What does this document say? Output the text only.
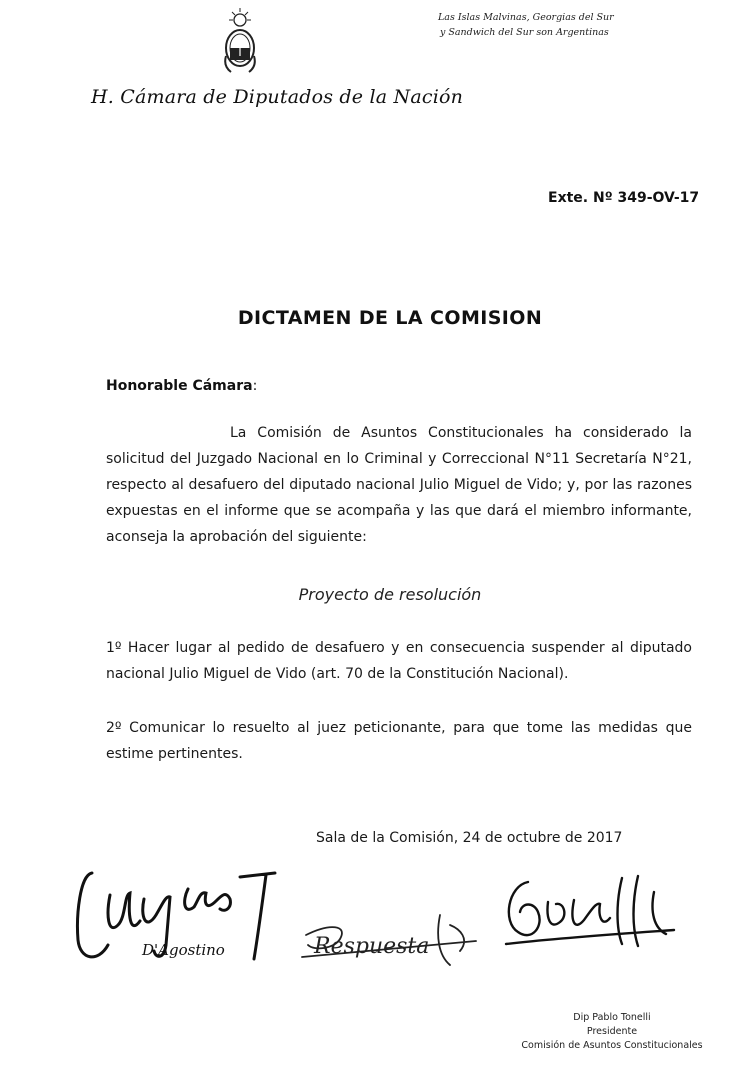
H. Cámara de Diputados de la Nación
Las Islas Malvinas, Georgias del Sur
y Sandwich del Sur son Argentinas
Exte. Nº 349-OV-17
DICTAMEN DE LA COMISION
Honorable Cámara:
La Comisión de Asuntos Constitucionales ha considerado la solicitud del Juzgado Nacional en lo Criminal y Correccional N°11 Secretaría N°21, respecto al desafuero del diputado nacional Julio Miguel de Vido; y, por las razones expuestas en el informe que se acompaña y las que dará el miembro informante, aconseja la aprobación del siguiente:
Proyecto de resolución
1º Hacer lugar al pedido de desafuero y en consecuencia suspender al diputado nacional Julio Miguel de Vido (art. 70 de la Constitución Nacional).
2º Comunicar lo resuelto al juez peticionante, para que tome las medidas que estime pertinentes.
Sala de la Comisión, 24 de octubre de 2017
D'Agostino	Respuesta
Dip Pablo Tonelli
Presidente
Comisión de Asuntos Constitucionales
